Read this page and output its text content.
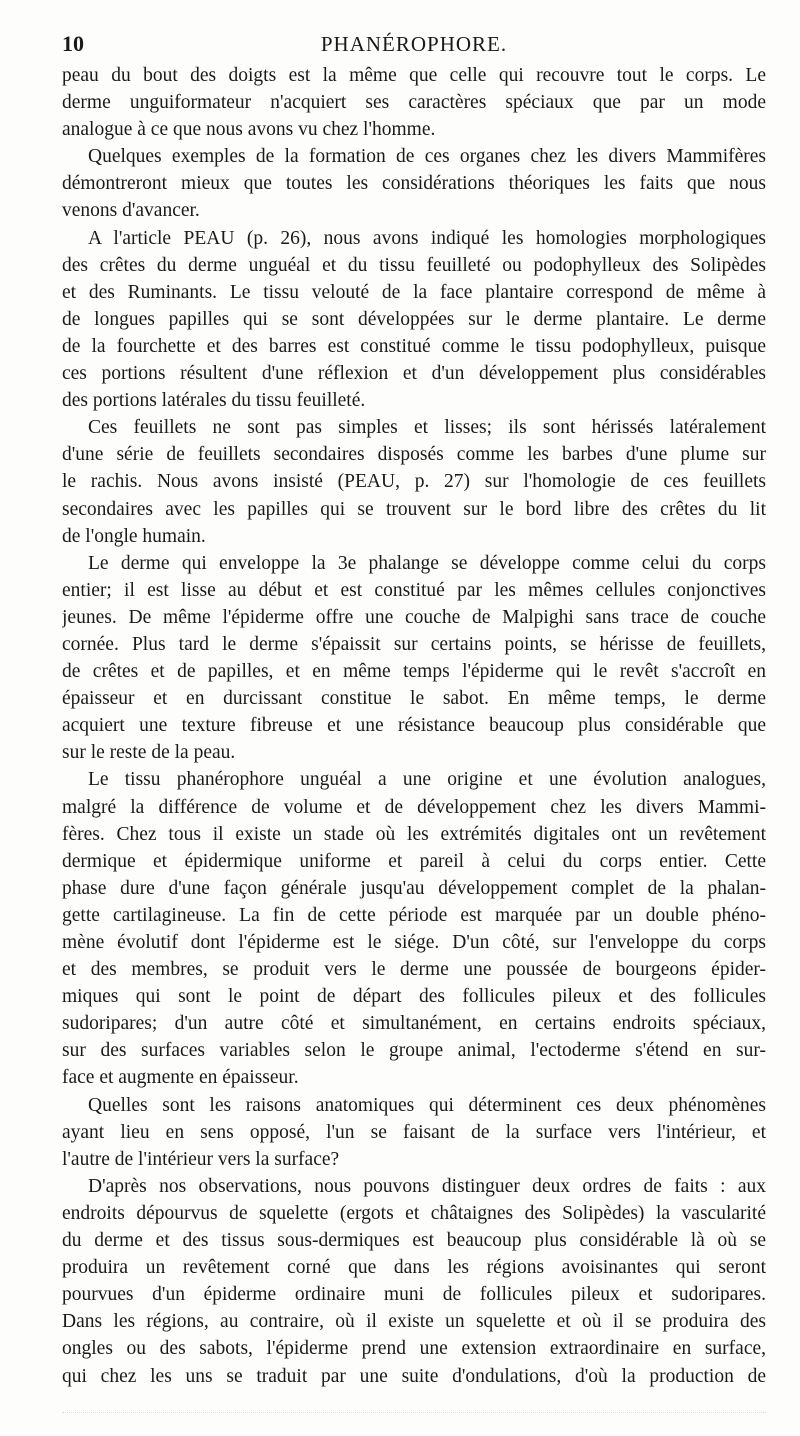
10	PHANÉROPHORE.
peau du bout des doigts est la même que celle qui recouvre tout le corps. Le
derme unguiformateur n'acquiert ses caractères spéciaux que par un mode
analogue à ce que nous avons vu chez l'homme.
Quelques exemples de la formation de ces organes chez les divers Mammifères
démontreront mieux que toutes les considérations théoriques les faits que nous
venons d'avancer.
A l'article PEAU (p. 26), nous avons indiqué les homologies morphologiques
des crêtes du derme unguéal et du tissu feuilleté ou podophylleux des Solipèdes
et des Ruminants. Le tissu velouté de la face plantaire correspond de même à
de longues papilles qui se sont développées sur le derme plantaire. Le derme
de la fourchette et des barres est constitué comme le tissu podophylleux, puisque
ces portions résultent d'une réflexion et d'un développement plus considérables
des portions latérales du tissu feuilleté.
Ces feuillets ne sont pas simples et lisses; ils sont hérissés latéralement
d'une série de feuillets secondaires disposés comme les barbes d'une plume sur
le rachis. Nous avons insisté (PEAU, p. 27) sur l'homologie de ces feuillets
secondaires avec les papilles qui se trouvent sur le bord libre des crêtes du lit
de l'ongle humain.
Le derme qui enveloppe la 3e phalange se développe comme celui du corps
entier; il est lisse au début et est constitué par les mêmes cellules conjonctives
jeunes. De même l'épiderme offre une couche de Malpighi sans trace de couche
cornée. Plus tard le derme s'épaissit sur certains points, se hérisse de feuillets,
de crêtes et de papilles, et en même temps l'épiderme qui le revêt s'accroît en
épaisseur et en durcissant constitue le sabot. En même temps, le derme
acquiert une texture fibreuse et une résistance beaucoup plus considérable que
sur le reste de la peau.
Le tissu phanérophore unguéal a une origine et une évolution analogues,
malgré la différence de volume et de développement chez les divers Mammi-
fères. Chez tous il existe un stade où les extrémités digitales ont un revêtement
dermique et épidermique uniforme et pareil à celui du corps entier. Cette
phase dure d'une façon générale jusqu'au développement complet de la phalan-
gette cartilagineuse. La fin de cette période est marquée par un double phéno-
mène évolutif dont l'épiderme est le siége. D'un côté, sur l'enveloppe du corps
et des membres, se produit vers le derme une poussée de bourgeons épider-
miques qui sont le point de départ des follicules pileux et des follicules
sudoripares; d'un autre côté et simultanément, en certains endroits spéciaux,
sur des surfaces variables selon le groupe animal, l'ectoderme s'étend en sur-
face et augmente en épaisseur.
Quelles sont les raisons anatomiques qui déterminent ces deux phénomènes
ayant lieu en sens opposé, l'un se faisant de la surface vers l'intérieur, et
l'autre de l'intérieur vers la surface?
D'après nos observations, nous pouvons distinguer deux ordres de faits : aux
endroits dépourvus de squelette (ergots et châtaignes des Solipèdes) la vascularité
du derme et des tissus sous-dermiques est beaucoup plus considérable là où se
produira un revêtement corné que dans les régions avoisinantes qui seront
pourvues d'un épiderme ordinaire muni de follicules pileux et sudoripares.
Dans les régions, au contraire, où il existe un squelette et où il se produira des
ongles ou des sabots, l'épiderme prend une extension extraordinaire en surface,
qui chez les uns se traduit par une suite d'ondulations, d'où la production de
